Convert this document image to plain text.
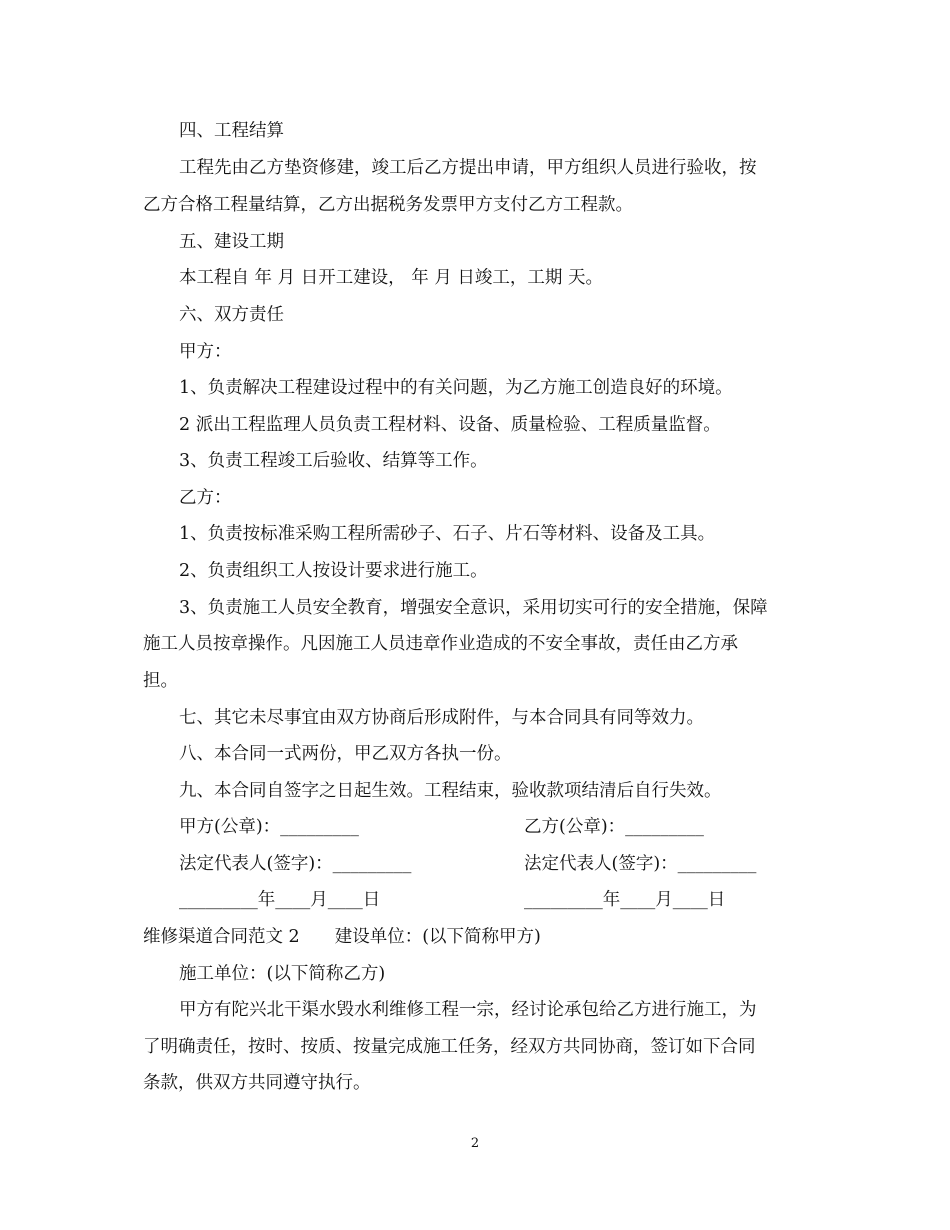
四、工程结算
工程先由乙方垫资修建，竣工后乙方提出申请，甲方组织人员进行验收，按
乙方合格工程量结算，乙方出据税务发票甲方支付乙方工程款。
五、建设工期
本工程自 年 月 日开工建设， 年 月 日竣工，工期 天。
六、双方责任
甲方：
1、负责解决工程建设过程中的有关问题，为乙方施工创造良好的环境。
2 派出工程监理人员负责工程材料、设备、质量检验、工程质量监督。
3、负责工程竣工后验收、结算等工作。
乙方：
1、负责按标准采购工程所需砂子、石子、片石等材料、设备及工具。
2、负责组织工人按设计要求进行施工。
3、负责施工人员安全教育，增强安全意识，采用切实可行的安全措施，保障
施工人员按章操作。凡因施工人员违章作业造成的不安全事故，责任由乙方承
担。
七、其它未尽事宜由双方协商后形成附件，与本合同具有同等效力。
八、本合同一式两份，甲乙双方各执一份。
九、本合同自签字之日起生效。工程结束，验收款项结清后自行失效。
甲方(公章)：_________	乙方(公章)：_________
法定代表人(签字)：_________	法定代表人(签字)：_________
_________年____月____日	_________年____月____日
维修渠道合同范文 2　　建设单位：(以下简称甲方)
施工单位：(以下简称乙方)
甲方有陀兴北干渠水毁水利维修工程一宗，经讨论承包给乙方进行施工，为
了明确责任，按时、按质、按量完成施工任务，经双方共同协商，签订如下合同
条款，供双方共同遵守执行。
2
